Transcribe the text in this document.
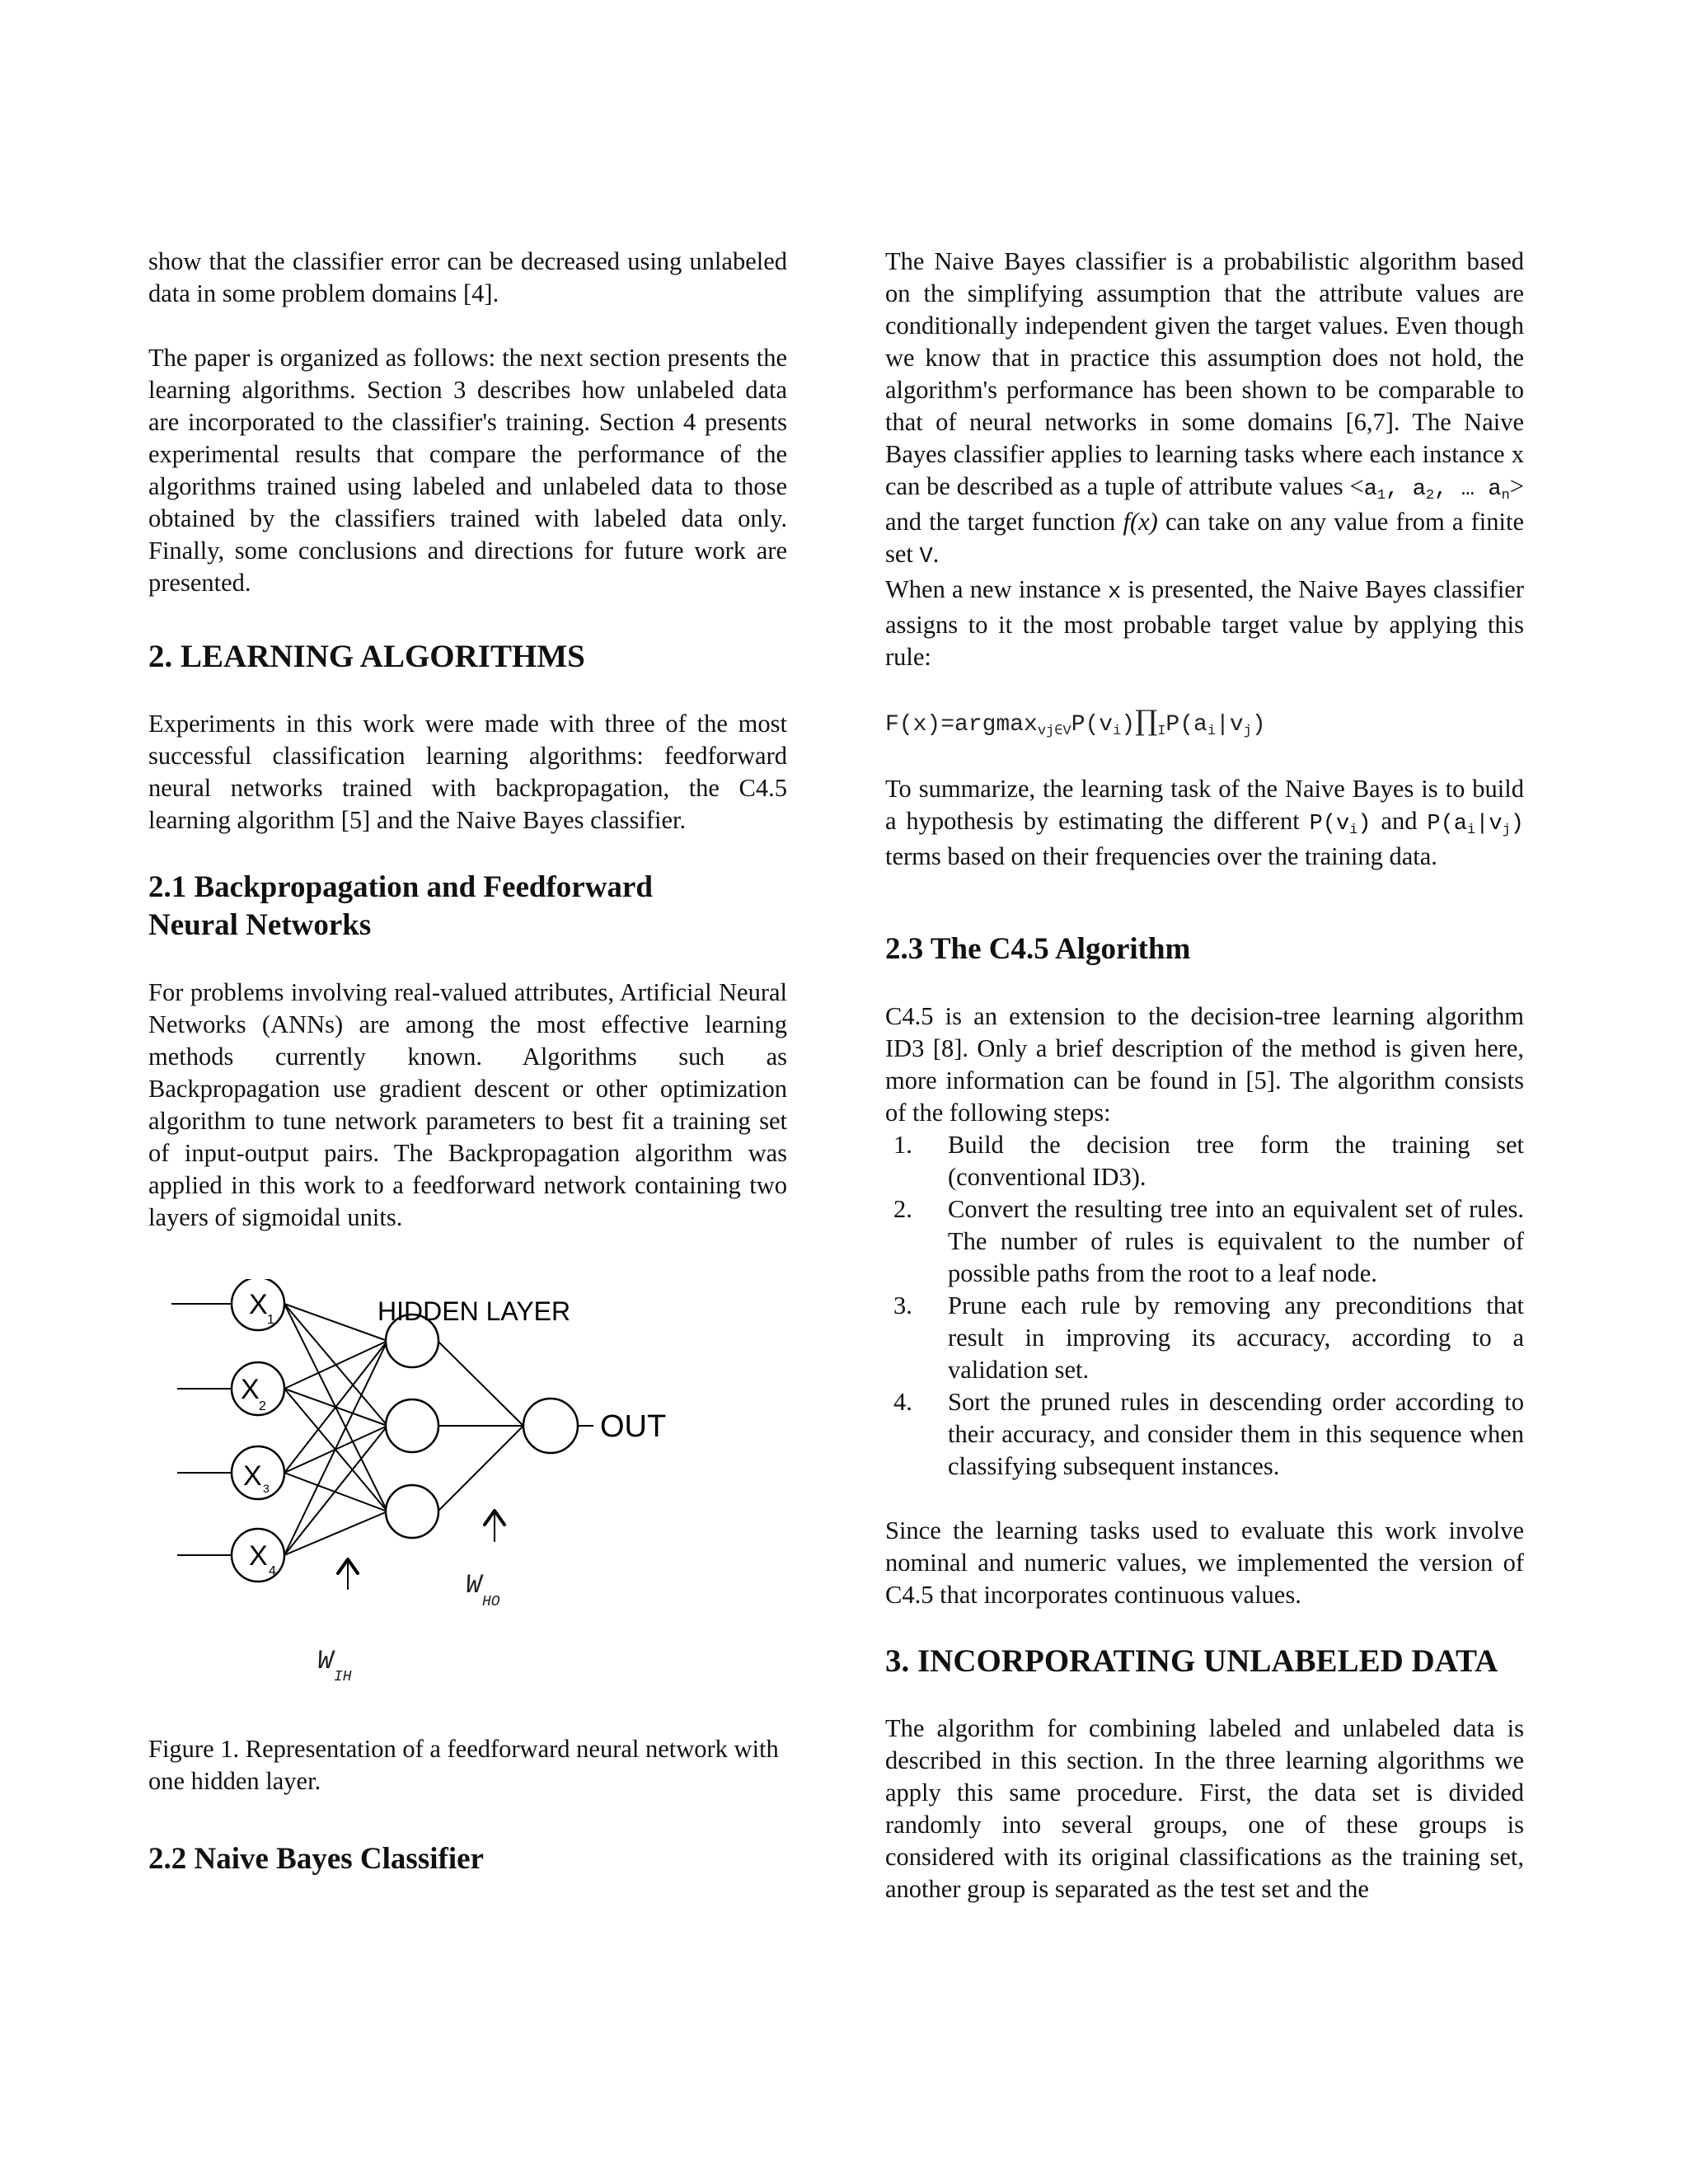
show that the classifier error can be decreased using unlabeled data in some problem domains [4].

The paper is organized as follows: the next section presents the learning algorithms. Section 3 describes how unlabeled data are incorporated to the classifier's training. Section 4 presents experimental results that compare the performance of the algorithms trained using labeled and unlabeled data to those obtained by the classifiers trained with labeled data only. Finally, some conclusions and directions for future work are presented.

2. LEARNING ALGORITHMS

Experiments in this work were made with three of the most successful classification learning algorithms: feedforward neural networks trained with backpropagation, the C4.5 learning algorithm [5] and the Naive Bayes classifier.

2.1 Backpropagation and Feedforward
Neural Networks

For problems involving real-valued attributes, Artificial Neural Networks (ANNs) are among the most effective learning methods currently known. Algorithms such as Backpropagation use gradient descent or other optimization algorithm to tune network parameters to best fit a training set of input-output pairs. The Backpropagation algorithm was applied in this work to a feedforward network containing two layers of sigmoidal units.

X 1
X
2
X 3
X 4
HIDDEN LAYER
OUT
W
IH
W
HO

Figure 1. Representation of a feedforward neural network with one hidden layer.

2.2 Naive Bayes Classifier

The Naive Bayes classifier is a probabilistic algorithm based on the simplifying assumption that the attribute values are conditionally independent given the target values. Even though we know that in practice this assumption does not hold, the algorithm's performance has been shown to be comparable to that of neural networks in some domains [6,7]. The Naive Bayes classifier applies to learning tasks where each instance x can be described as a tuple of attribute values $<a_1$, $a_2$, … $a_n>$ and the target function f(x) can take on any value from a finite set V.

When a new instance x is presented, the Naive Bayes classifier assigns to it the most probable target value by applying this rule:

$F(x)=argmax_{vj\in V}P(v_i)\prod_IP(a_i|v_j)$

To summarize, the learning task of the Naive Bayes is to build a hypothesis by estimating the different $P(v_i)$ and $P(a_i|v_j)$ terms based on their frequencies over the training data.

2.3 The C4.5 Algorithm

C4.5 is an extension to the decision-tree learning algorithm ID3 [8]. Only a brief description of the method is given here, more information can be found in [5]. The algorithm consists of the following steps:

1. Build the decision tree form the training set (conventional ID3).
2. Convert the resulting tree into an equivalent set of rules. The number of rules is equivalent to the number of possible paths from the root to a leaf node.
3. Prune each rule by removing any preconditions that result in improving its accuracy, according to a validation set.
4. Sort the pruned rules in descending order according to their accuracy, and consider them in this sequence when classifying subsequent instances.

Since the learning tasks used to evaluate this work involve nominal and numeric values, we implemented the version of C4.5 that incorporates continuous values.

3. INCORPORATING UNLABELED DATA

The algorithm for combining labeled and unlabeled data is described in this section. In the three learning algorithms we apply this same procedure. First, the data set is divided randomly into several groups, one of these groups is considered with its original classifications as the training set, another group is separated as the test set and the
